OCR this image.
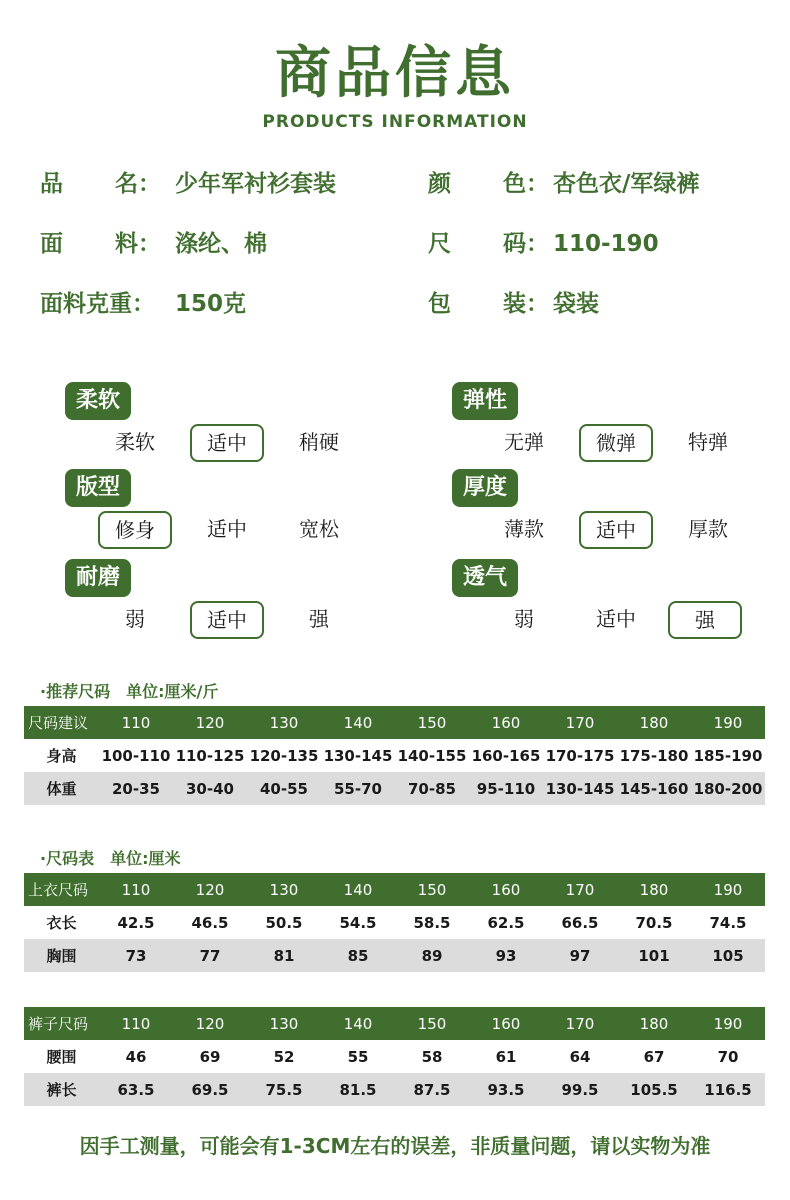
商品信息
PRODUCTS INFORMATION
品 名 ： 少年军衬衫套装	颜 色 ： 杏色衣/军绿裤
面 料 ： 涤纶、棉	尺 码 ： 110-190
面料克重： 150克	包 装 ： 袋装
柔软
柔软	适中	稍硬
弹性
无弹	微弹	特弹
版型
修身	适中	宽松
厚度
薄款	适中	厚款
耐磨
弱	适中	强
透气
弱	适中	强
·推荐尺码 单位:厘米/斤
尺码建议	110	120	130	140	150	160	170	180	190
身高	100-110	110-125	120-135	130-145	140-155	160-165	170-175	175-180	185-190
体重	20-35	30-40	40-55	55-70	70-85	95-110	130-145	145-160	180-200
·尺码表 单位:厘米
上衣尺码	110	120	130	140	150	160	170	180	190
衣长	42.5	46.5	50.5	54.5	58.5	62.5	66.5	70.5	74.5
胸围	73	77	81	85	89	93	97	101	105
裤子尺码	110	120	130	140	150	160	170	180	190
腰围	46	69	52	55	58	61	64	67	70
裤长	63.5	69.5	75.5	81.5	87.5	93.5	99.5	105.5	116.5
因手工测量，可能会有1-3CM左右的误差，非质量问题，请以实物为准
